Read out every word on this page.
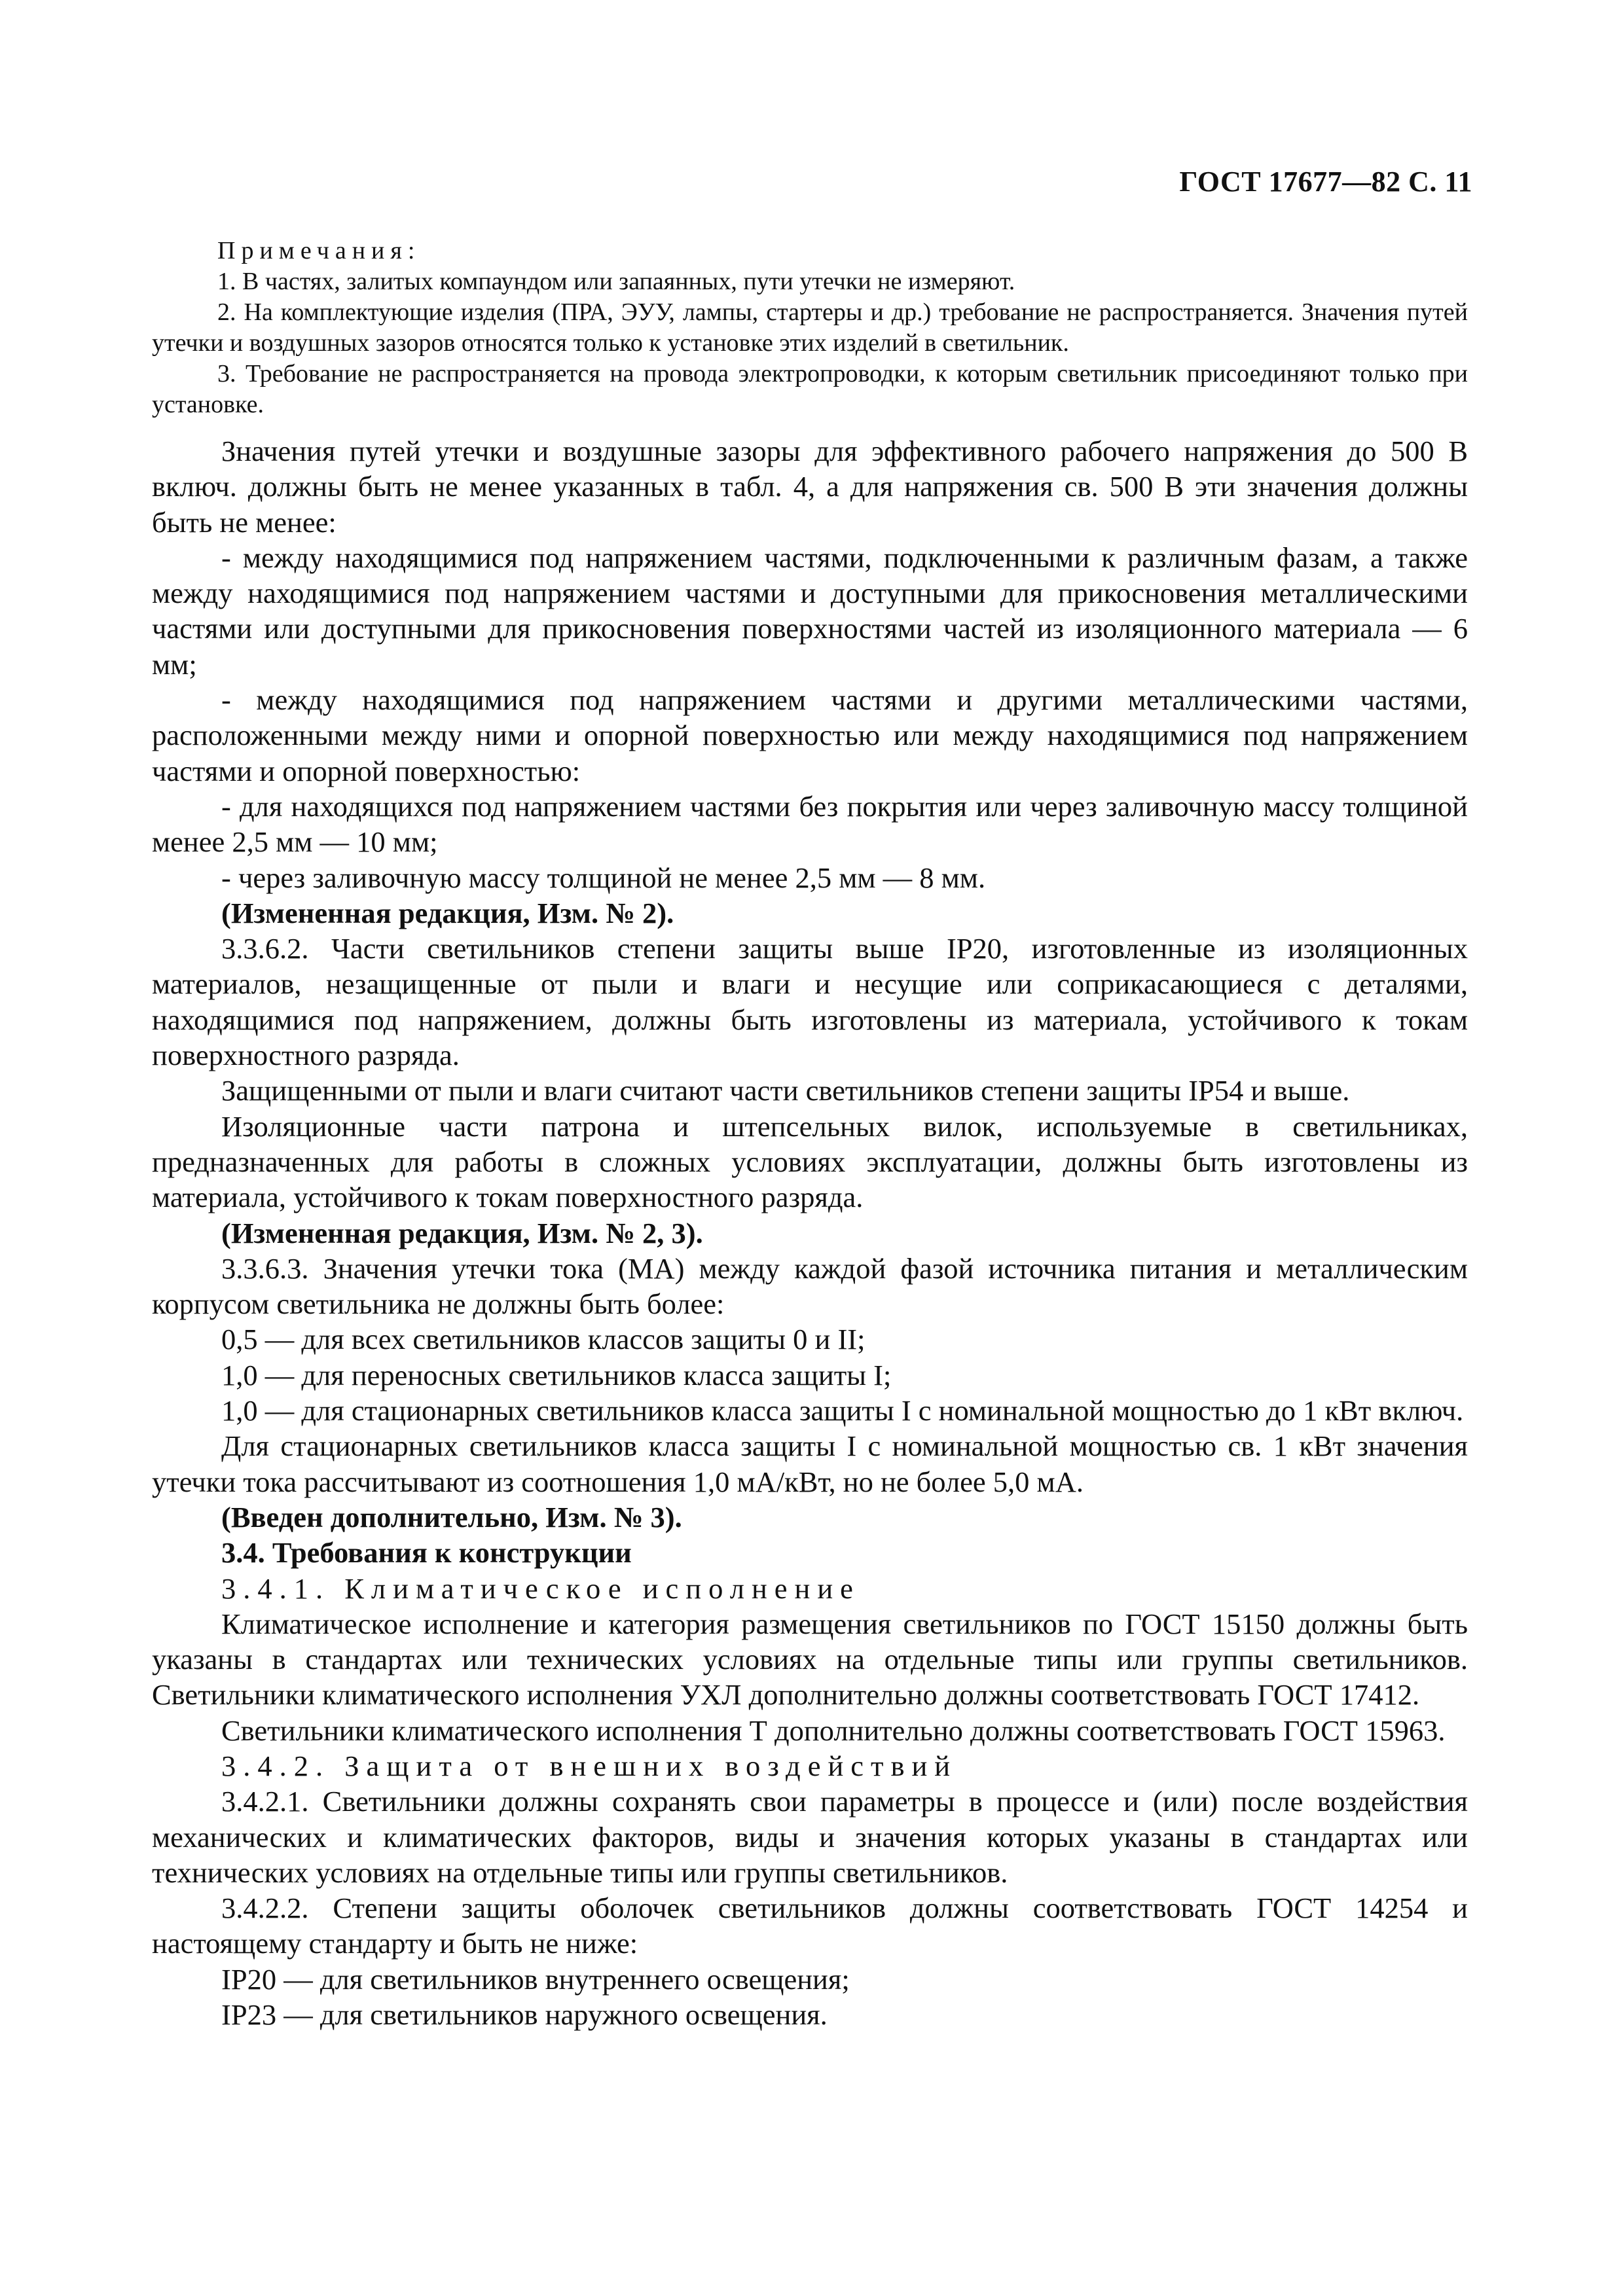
ГОСТ 17677—82 С. 11

Примечания:

1. В частях, залитых компаундом или запаянных, пути утечки не измеряют.

2. На комплектующие изделия (ПРА, ЭУУ, лампы, стартеры и др.) требование не распространяется. Значения путей утечки и воздушных зазоров относятся только к установке этих изделий в светильник.

3. Требование не распространяется на провода электропроводки, к которым светильник присоединяют только при установке.

Значения путей утечки и воздушные зазоры для эффективного рабочего напряжения до 500 В включ. должны быть не менее указанных в табл. 4, а для напряжения св. 500 В эти значения должны быть не менее:

- между находящимися под напряжением частями, подключенными к различным фазам, а также между находящимися под напряжением частями и доступными для прикосновения металлическими частями или доступными для прикосновения поверхностями частей из изоляционного материала — 6 мм;

- между находящимися под напряжением частями и другими металлическими частями, расположенными между ними и опорной поверхностью или между находящимися под напряжением частями и опорной поверхностью:

- для находящихся под напряжением частями без покрытия или через заливочную массу толщиной менее 2,5 мм — 10 мм;

- через заливочную массу толщиной не менее 2,5 мм — 8 мм.

(Измененная редакция, Изм. № 2).

3.3.6.2. Части светильников степени защиты выше IP20, изготовленные из изоляционных материалов, незащищенные от пыли и влаги и несущие или соприкасающиеся с деталями, находящимися под напряжением, должны быть изготовлены из материала, устойчивого к токам поверхностного разряда.

Защищенными от пыли и влаги считают части светильников степени защиты IP54 и выше.

Изоляционные части патрона и штепсельных вилок, используемые в светильниках, предназначенных для работы в сложных условиях эксплуатации, должны быть изготовлены из материала, устойчивого к токам поверхностного разряда.

(Измененная редакция, Изм. № 2, 3).

3.3.6.3. Значения утечки тока (МА) между каждой фазой источника питания и металлическим корпусом светильника не должны быть более:

0,5 — для всех светильников классов защиты 0 и II;

1,0 — для переносных светильников класса защиты I;

1,0 — для стационарных светильников класса защиты I с номинальной мощностью до 1 кВт включ.

Для стационарных светильников класса защиты I с номинальной мощностью св. 1 кВт значения утечки тока рассчитывают из соотношения 1,0 мА/кВт, но не более 5,0 мА.

(Введен дополнительно, Изм. № 3).

3.4. Требования к конструкции

3.4.1. Климатическое исполнение

Климатическое исполнение и категория размещения светильников по ГОСТ 15150 должны быть указаны в стандартах или технических условиях на отдельные типы или группы светильников. Светильники климатического исполнения УХЛ дополнительно должны соответствовать ГОСТ 17412.

Светильники климатического исполнения Т дополнительно должны соответствовать ГОСТ 15963.

3.4.2. Защита от внешних воздействий

3.4.2.1. Светильники должны сохранять свои параметры в процессе и (или) после воздействия механических и климатических факторов, виды и значения которых указаны в стандартах или технических условиях на отдельные типы или группы светильников.

3.4.2.2. Степени защиты оболочек светильников должны соответствовать ГОСТ 14254 и настоящему стандарту и быть не ниже:

IP20 — для светильников внутреннего освещения;

IP23 — для светильников наружного освещения.
